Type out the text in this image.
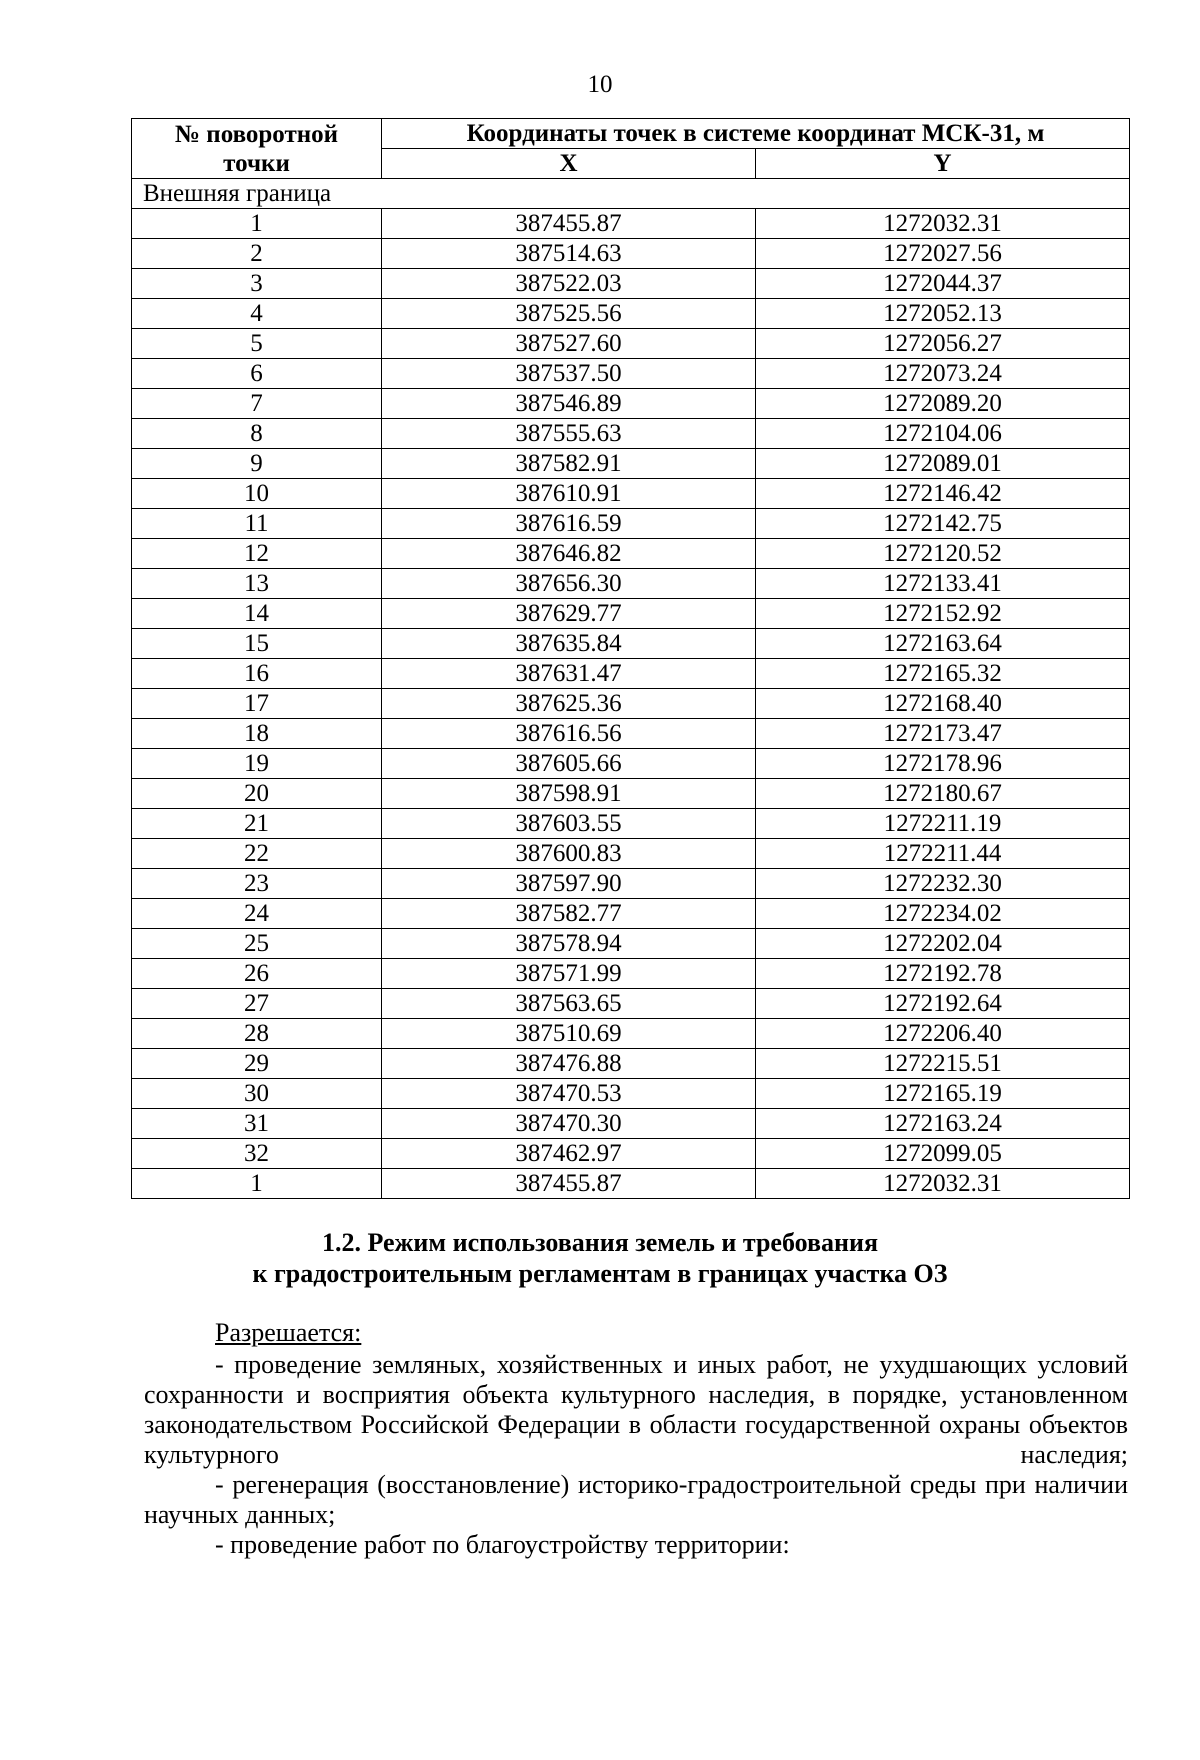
10
№ поворотной точки	Координаты точек в системе координат МСК-31, м	
	X	Y
Внешняя граница		
1	387455.87	1272032.31
2	387514.63	1272027.56
3	387522.03	1272044.37
4	387525.56	1272052.13
5	387527.60	1272056.27
6	387537.50	1272073.24
7	387546.89	1272089.20
8	387555.63	1272104.06
9	387582.91	1272089.01
10	387610.91	1272146.42
11	387616.59	1272142.75
12	387646.82	1272120.52
13	387656.30	1272133.41
14	387629.77	1272152.92
15	387635.84	1272163.64
16	387631.47	1272165.32
17	387625.36	1272168.40
18	387616.56	1272173.47
19	387605.66	1272178.96
20	387598.91	1272180.67
21	387603.55	1272211.19
22	387600.83	1272211.44
23	387597.90	1272232.30
24	387582.77	1272234.02
25	387578.94	1272202.04
26	387571.99	1272192.78
27	387563.65	1272192.64
28	387510.69	1272206.40
29	387476.88	1272215.51
30	387470.53	1272165.19
31	387470.30	1272163.24
32	387462.97	1272099.05
1	387455.87	1272032.31
1.2. Режим использования земель и требования
к градостроительным регламентам в границах участка ОЗ
Разрешается:

- проведение земляных, хозяйственных и иных работ, не ухудшающих условий сохранности и восприятия объекта культурного наследия, в порядке, установленном законодательством Российской Федерации в области государственной охраны объектов культурного наследия;

- регенерация (восстановление) историко-градостроительной среды при наличии научных данных;

- проведение работ по благоустройству территории:
